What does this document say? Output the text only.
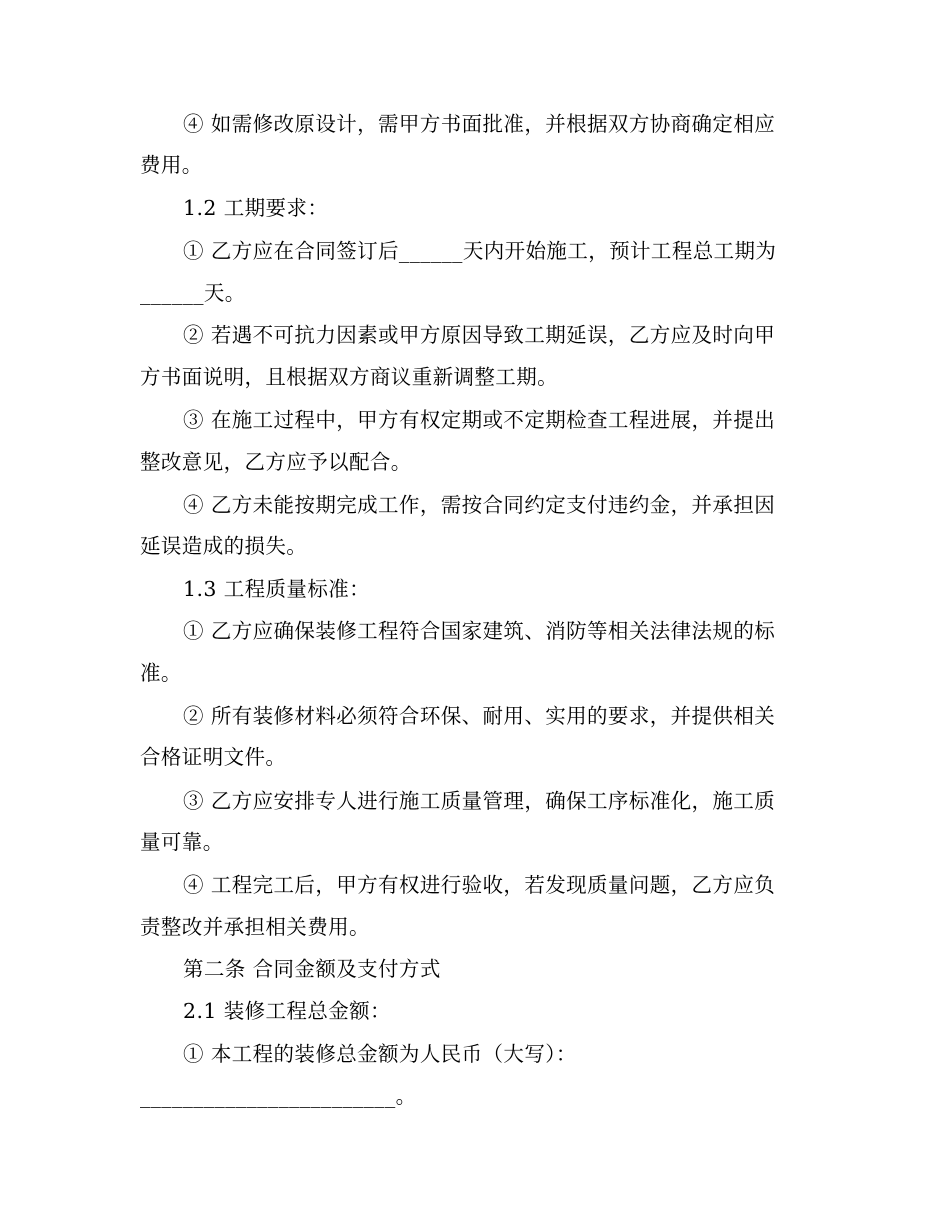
④ 如需修改原设计，需甲方书面批准，并根据双方协商确定相应
费用。
1.2 工期要求：
① 乙方应在合同签订后______天内开始施工，预计工程总工期为
______天。
② 若遇不可抗力因素或甲方原因导致工期延误，乙方应及时向甲
方书面说明，且根据双方商议重新调整工期。
③ 在施工过程中，甲方有权定期或不定期检查工程进展，并提出
整改意见，乙方应予以配合。
④ 乙方未能按期完成工作，需按合同约定支付违约金，并承担因
延误造成的损失。
1.3 工程质量标准：
① 乙方应确保装修工程符合国家建筑、消防等相关法律法规的标
准。
② 所有装修材料必须符合环保、耐用、实用的要求，并提供相关
合格证明文件。
③ 乙方应安排专人进行施工质量管理，确保工序标准化，施工质
量可靠。
④ 工程完工后，甲方有权进行验收，若发现质量问题，乙方应负
责整改并承担相关费用。
第二条 合同金额及支付方式
2.1 装修工程总金额：
① 本工程的装修总金额为人民币（大写）：
________________________。
